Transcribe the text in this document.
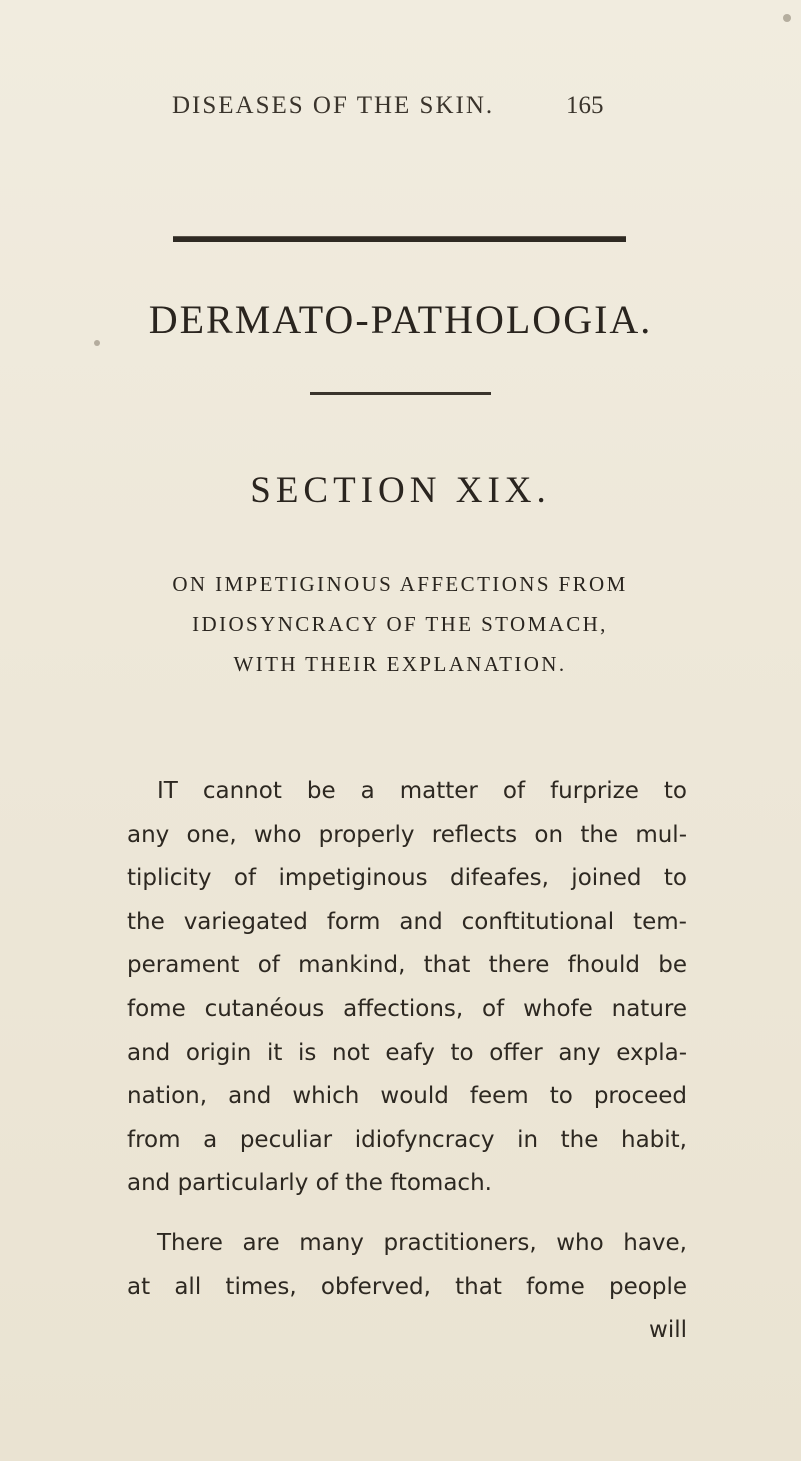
DISEASES OF THE SKIN.	165
DERMATO-PATHOLOGIA.
SECTION XIX.
ON IMPETIGINOUS AFFECTIONS FROM
IDIOSYNCRACY OF THE STOMACH,
WITH THEIR EXPLANATION.
IT cannot be a matter of furprize to
any one, who properly reflects on the mul-
tiplicity of impetiginous difeafes, joined to
the variegated form and conftitutional tem-
perament of mankind, that there fhould be
fome cutanéous affections, of whofe nature
and origin it is not eafy to offer any expla-
nation, and which would feem to proceed
from a peculiar idiofyncracy in the habit,
and particularly of the ftomach.
There are many practitioners, who have,
at all times, obferved, that fome people
will
